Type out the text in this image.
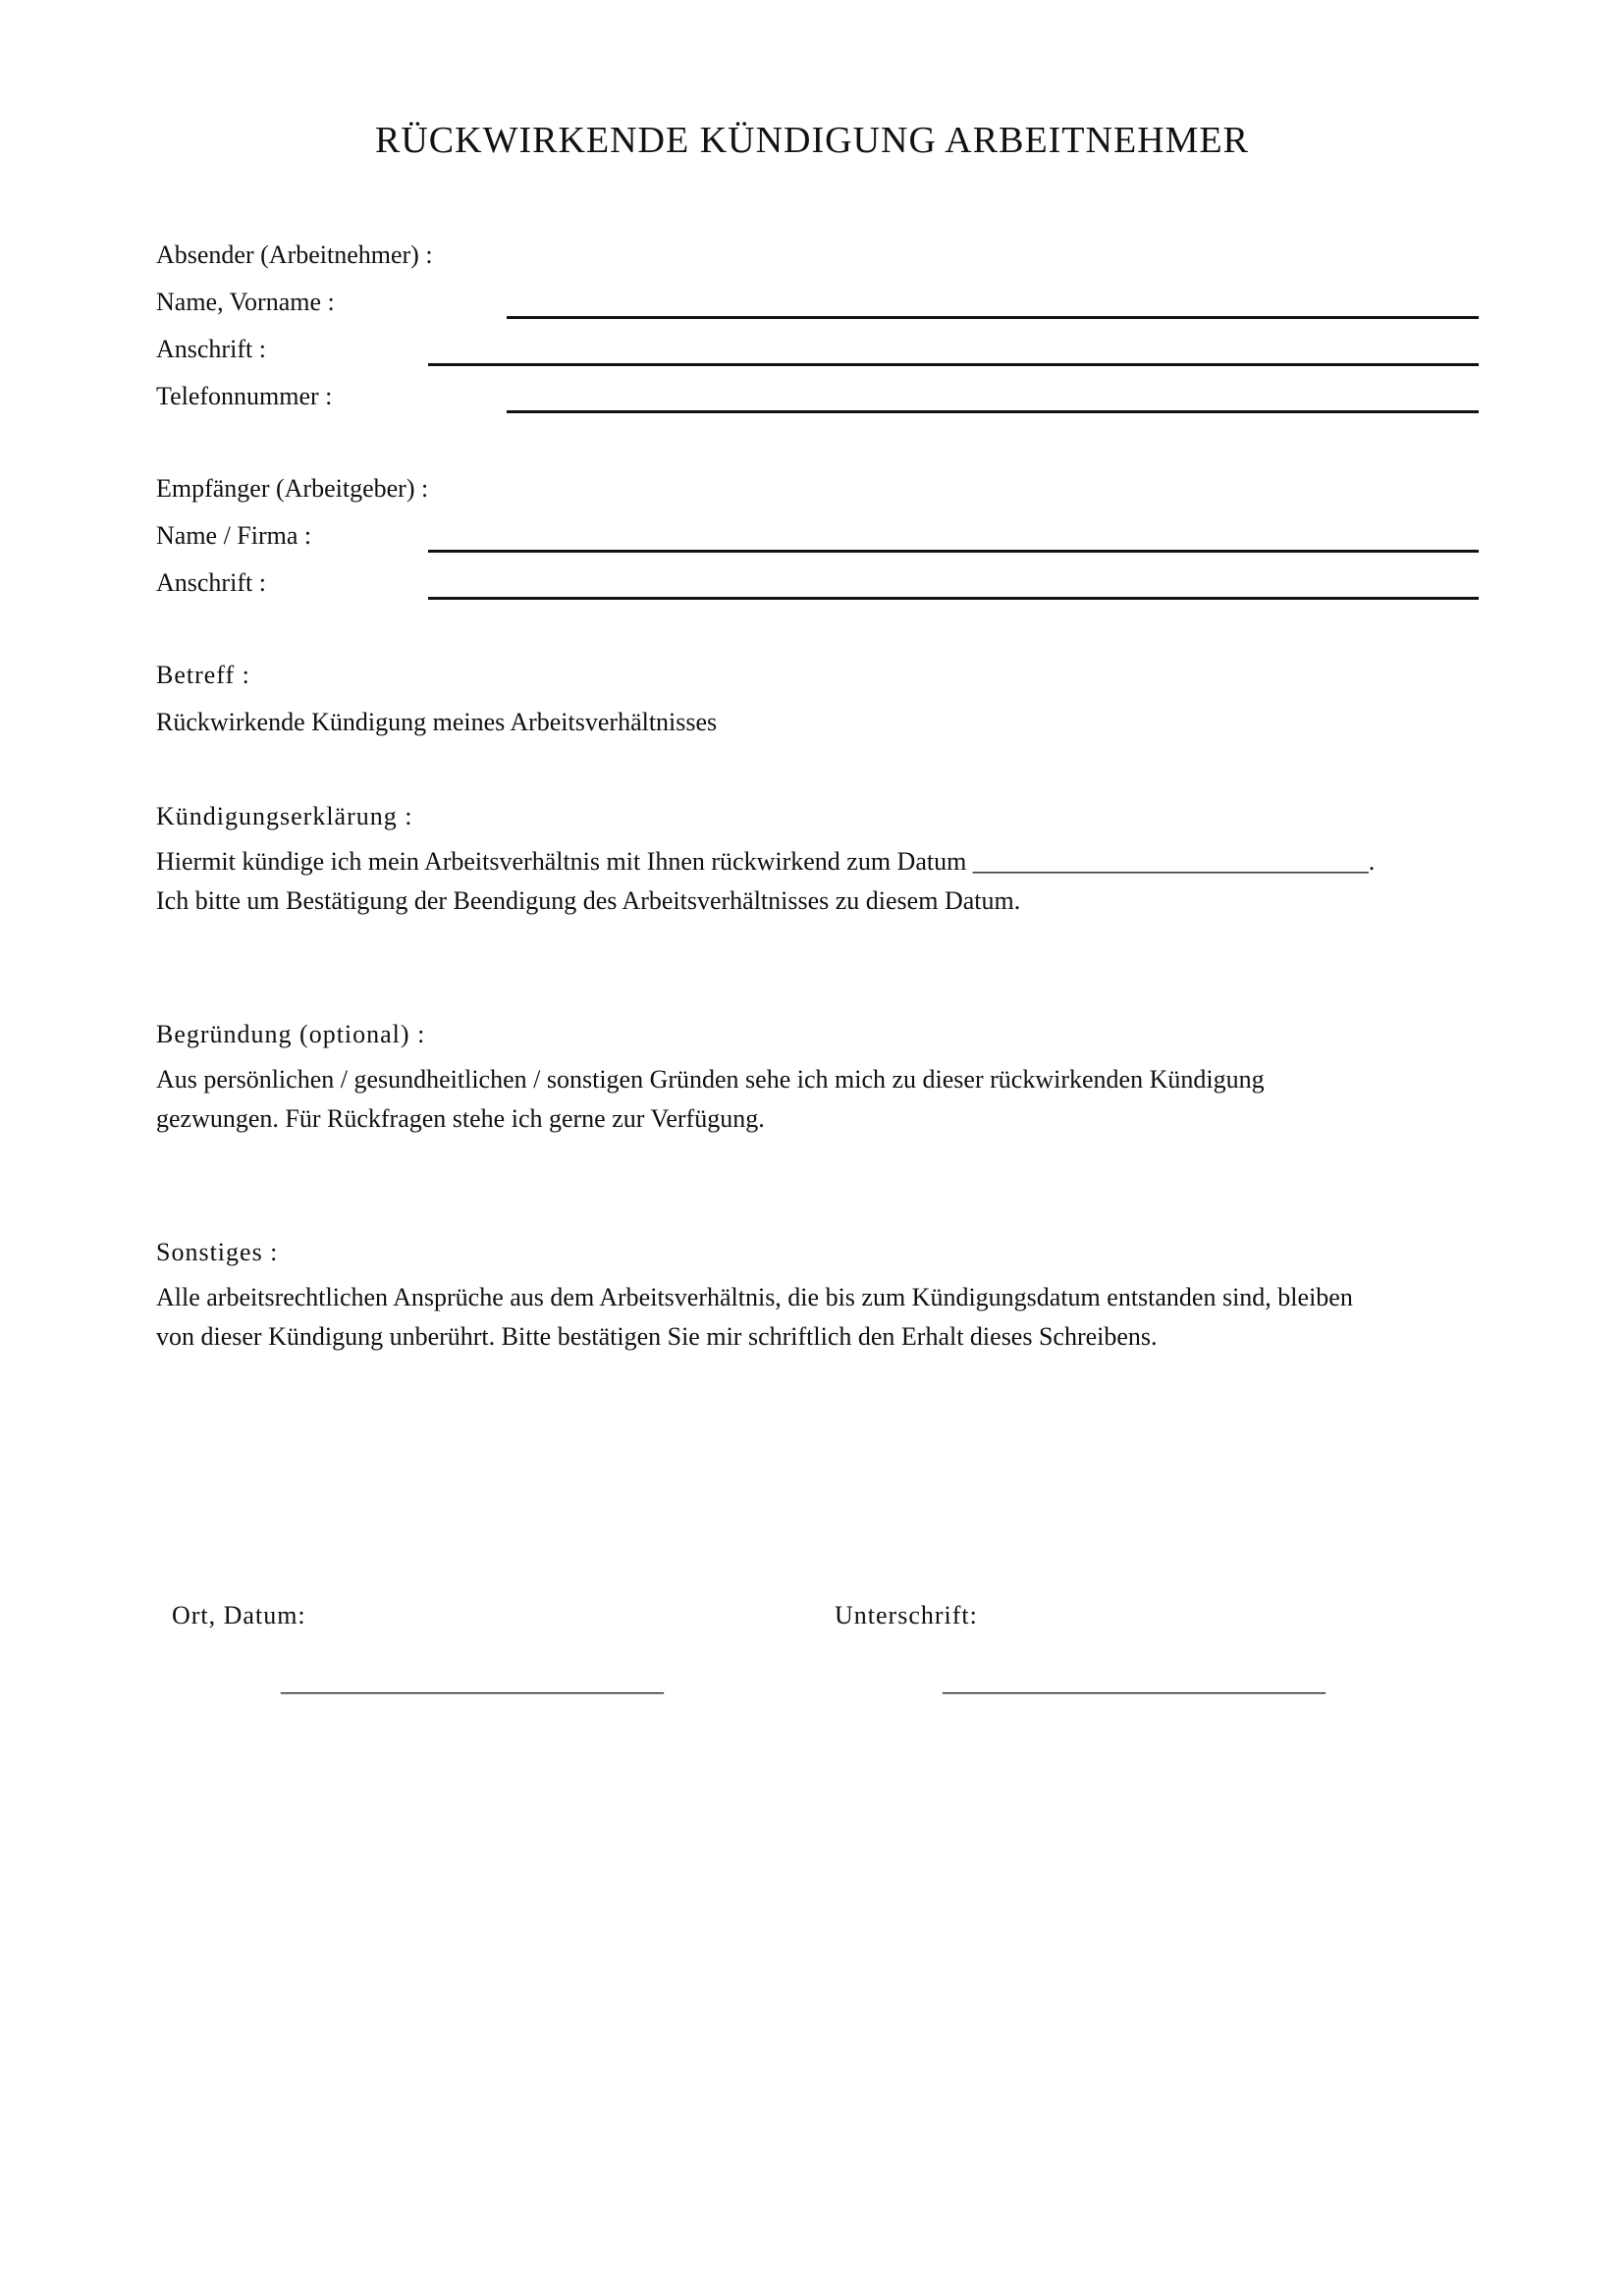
RÜCKWIRKENDE KÜNDIGUNG ARBEITNEHMER
Absender (Arbeitnehmer) :
Name, Vorname :
Anschrift :
Telefonnummer :
Empfänger (Arbeitgeber) :
Name / Firma :
Anschrift :
Betreff :
Rückwirkende Kündigung meines Arbeitsverhältnisses
Kündigungserklärung :
Hiermit kündige ich mein Arbeitsverhältnis mit Ihnen rückwirkend zum Datum _______________________________.
Ich bitte um Bestätigung der Beendigung des Arbeitsverhältnisses zu diesem Datum.
Begründung (optional) :
Aus persönlichen / gesundheitlichen / sonstigen Gründen sehe ich mich zu dieser rückwirkenden Kündigung
gezwungen. Für Rückfragen stehe ich gerne zur Verfügung.
Sonstiges :
Alle arbeitsrechtlichen Ansprüche aus dem Arbeitsverhältnis, die bis zum Kündigungsdatum entstanden sind, bleiben
von dieser Kündigung unberührt. Bitte bestätigen Sie mir schriftlich den Erhalt dieses Schreibens.
Ort, Datum:	Unterschrift:
______________________________	______________________________
